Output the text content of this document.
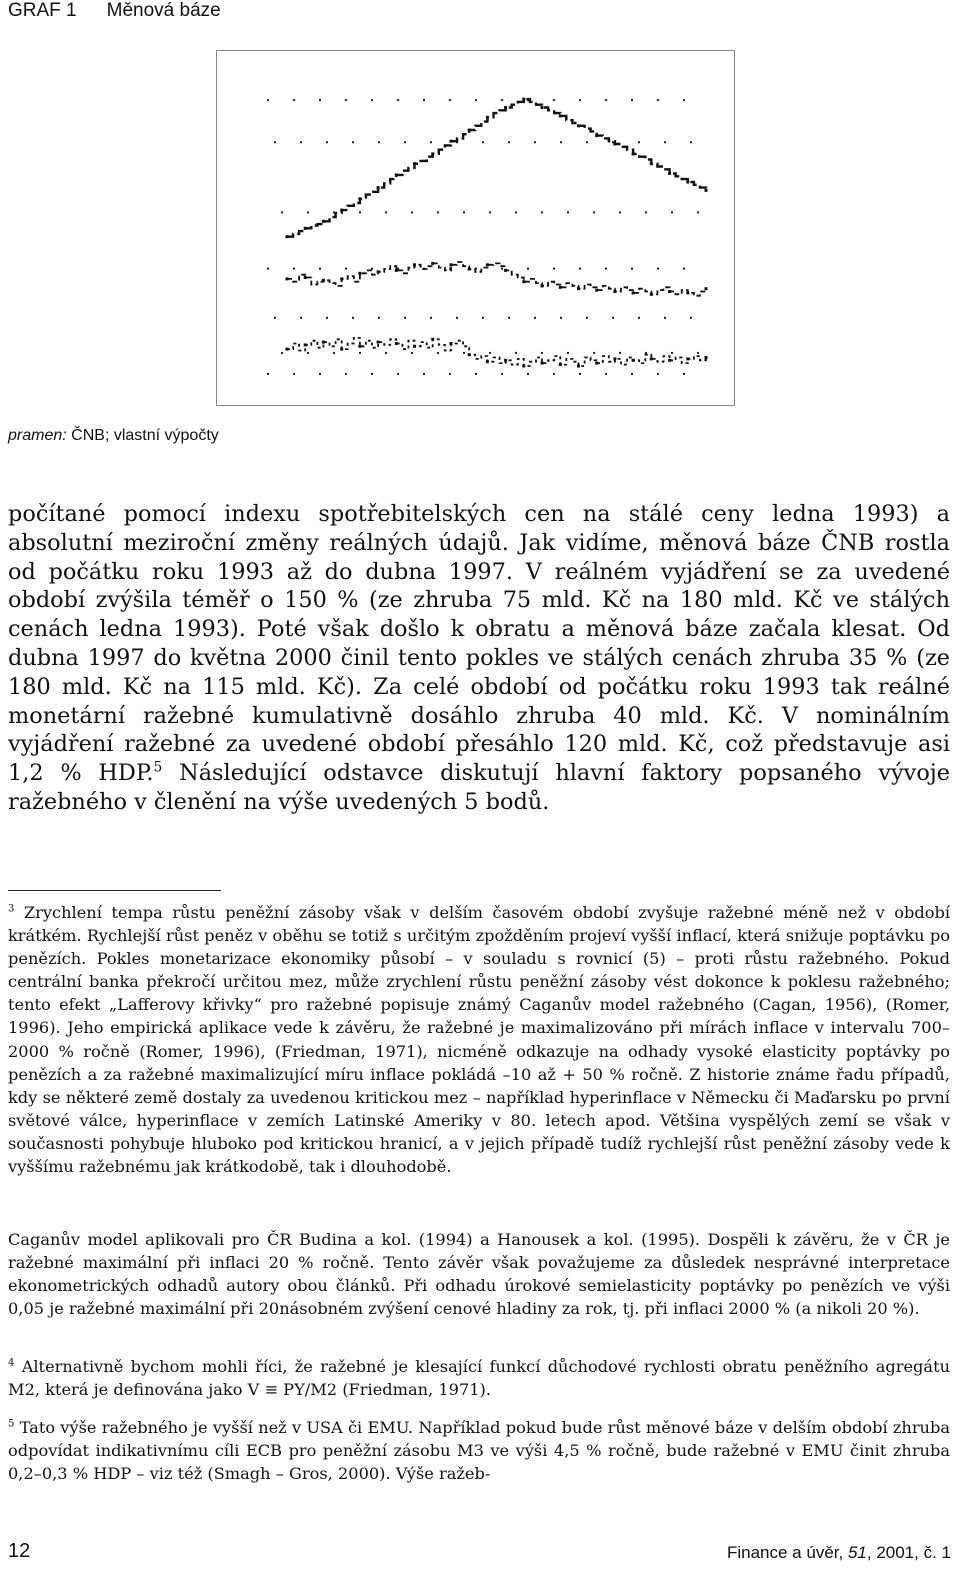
GRAF 1 Měnová báze
pramen: ČNB; vlastní výpočty

počítané pomocí indexu spotřebitelských cen na stálé ceny ledna 1993) a absolutní meziroční změny reálných údajů. Jak vidíme, měnová báze ČNB rostla od počátku roku 1993 až do dubna 1997. V reálném vyjádření se za uvedené období zvýšila téměř o 150 % (ze zhruba 75 mld. Kč na 180 mld. Kč ve stálých cenách ledna 1993). Poté však došlo k obratu a měnová báze začala klesat. Od dubna 1997 do května 2000 činil tento pokles ve stálých cenách zhruba 35 % (ze 180 mld. Kč na 115 mld. Kč). Za celé období od počátku roku 1993 tak reálné monetární ražebné kumulativně dosáhlo zhruba 40 mld. Kč. V nominálním vyjádření ražebné za uvedené období přesáhlo 120 mld. Kč, což představuje asi 1,2 % HDP.$^5$ Následující odstavce diskutují hlavní faktory popsaného vývoje ražebného v členění na výše uvedených 5 bodů.

$^3$ Zrychlení tempa růstu peněžní zásoby však v delším časovém období zvyšuje ražebné méně než v období krátkém. Rychlejší růst peněz v oběhu se totiž s určitým zpožděním projeví vyšší inflací, která snižuje poptávku po penězích. Pokles monetarizace ekonomiky působí – v souladu s rovnicí (5) – proti růstu ražebného. Pokud centrální banka překročí určitou mez, může zrychlení růstu peněžní zásoby vést dokonce k poklesu ražebného; tento efekt „Lafferovy křivky“ pro ražebné popisuje známý Caganův model ražebného (Cagan, 1956), (Romer, 1996). Jeho empirická aplikace vede k závěru, že ražebné je maximalizováno při mírách inflace v intervalu 700–2000 % ročně (Romer, 1996), (Friedman, 1971), nicméně odkazuje na odhady vysoké elasticity poptávky po penězích a za ražebné maximalizující míru inflace pokládá –10 až + 50 % ročně. Z historie známe řadu případů, kdy se některé země dostaly za uvedenou kritickou mez – například hyperinflace v Německu či Maďarsku po první světové válce, hyperinflace v zemích Latinské Ameriky v 80. letech apod. Většina vyspělých zemí se však v současnosti pohybuje hluboko pod kritickou hranicí, a v jejich případě tudíž rychlejší růst peněžní zásoby vede k vyššímu ražebnému jak krátkodobě, tak i dlouhodobě.

Caganův model aplikovali pro ČR Budina a kol. (1994) a Hanousek a kol. (1995). Dospěli k závěru, že v ČR je ražebné maximální při inflaci 20 % ročně. Tento závěr však považujeme za důsledek nesprávné interpretace ekonometrických odhadů autory obou článků. Při odhadu úrokové semielasticity poptávky po penězích ve výši 0,05 je ražebné maximální při 20násobném zvýšení cenové hladiny za rok, tj. při inflaci 2000 % (a nikoli 20 %).

$^4$ Alternativně bychom mohli říci, že ražebné je klesající funkcí důchodové rychlosti obratu peněžního agregátu M2, která je definována jako V ≡ PY/M2 (Friedman, 1971).

$^5$ Tato výše ražebného je vyšší než v USA či EMU. Například pokud bude růst měnové báze v delším období zhruba odpovídat indikativnímu cíli ECB pro peněžní zásobu M3 ve výši 4,5 % ročně, bude ražebné v EMU činit zhruba 0,2–0,3 % HDP – viz též (Smagh – Gros, 2000). Výše ražeb-

12	Finance a úvěr, 51, 2001, č. 1
